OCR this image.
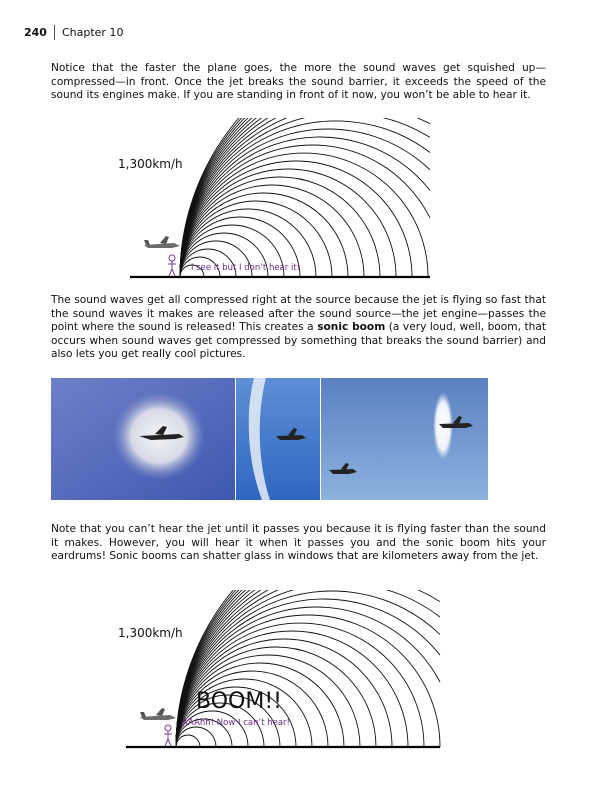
240 Chapter 10

Notice that the faster the plane goes, the more the sound waves get squished up—compressed—in front. Once the jet breaks the sound barrier, it exceeds the speed of the sound its engines make. If you are standing in front of it now, you won’t be able to hear it.

I see it but I don’t hear it!
1,300km/h

The sound waves get all compressed right at the source because the jet is flying so fast that the sound waves it makes are released after the sound source—the jet engine—passes the point where the sound is released! This creates a sonic boom (a very loud, well, boom, that occurs when sound waves get compressed by something that breaks the sound barrier) and also lets you get really cool pictures.

Note that you can’t hear the jet until it passes you because it is flying faster than the sound it makes. However, you will hear it when it passes you and the sonic boom hits your eardrums! Sonic booms can shatter glass in windows that are kilometers away from the jet.

BOOM!!
AAAhh! Now I can’t hear!
1,300km/h
